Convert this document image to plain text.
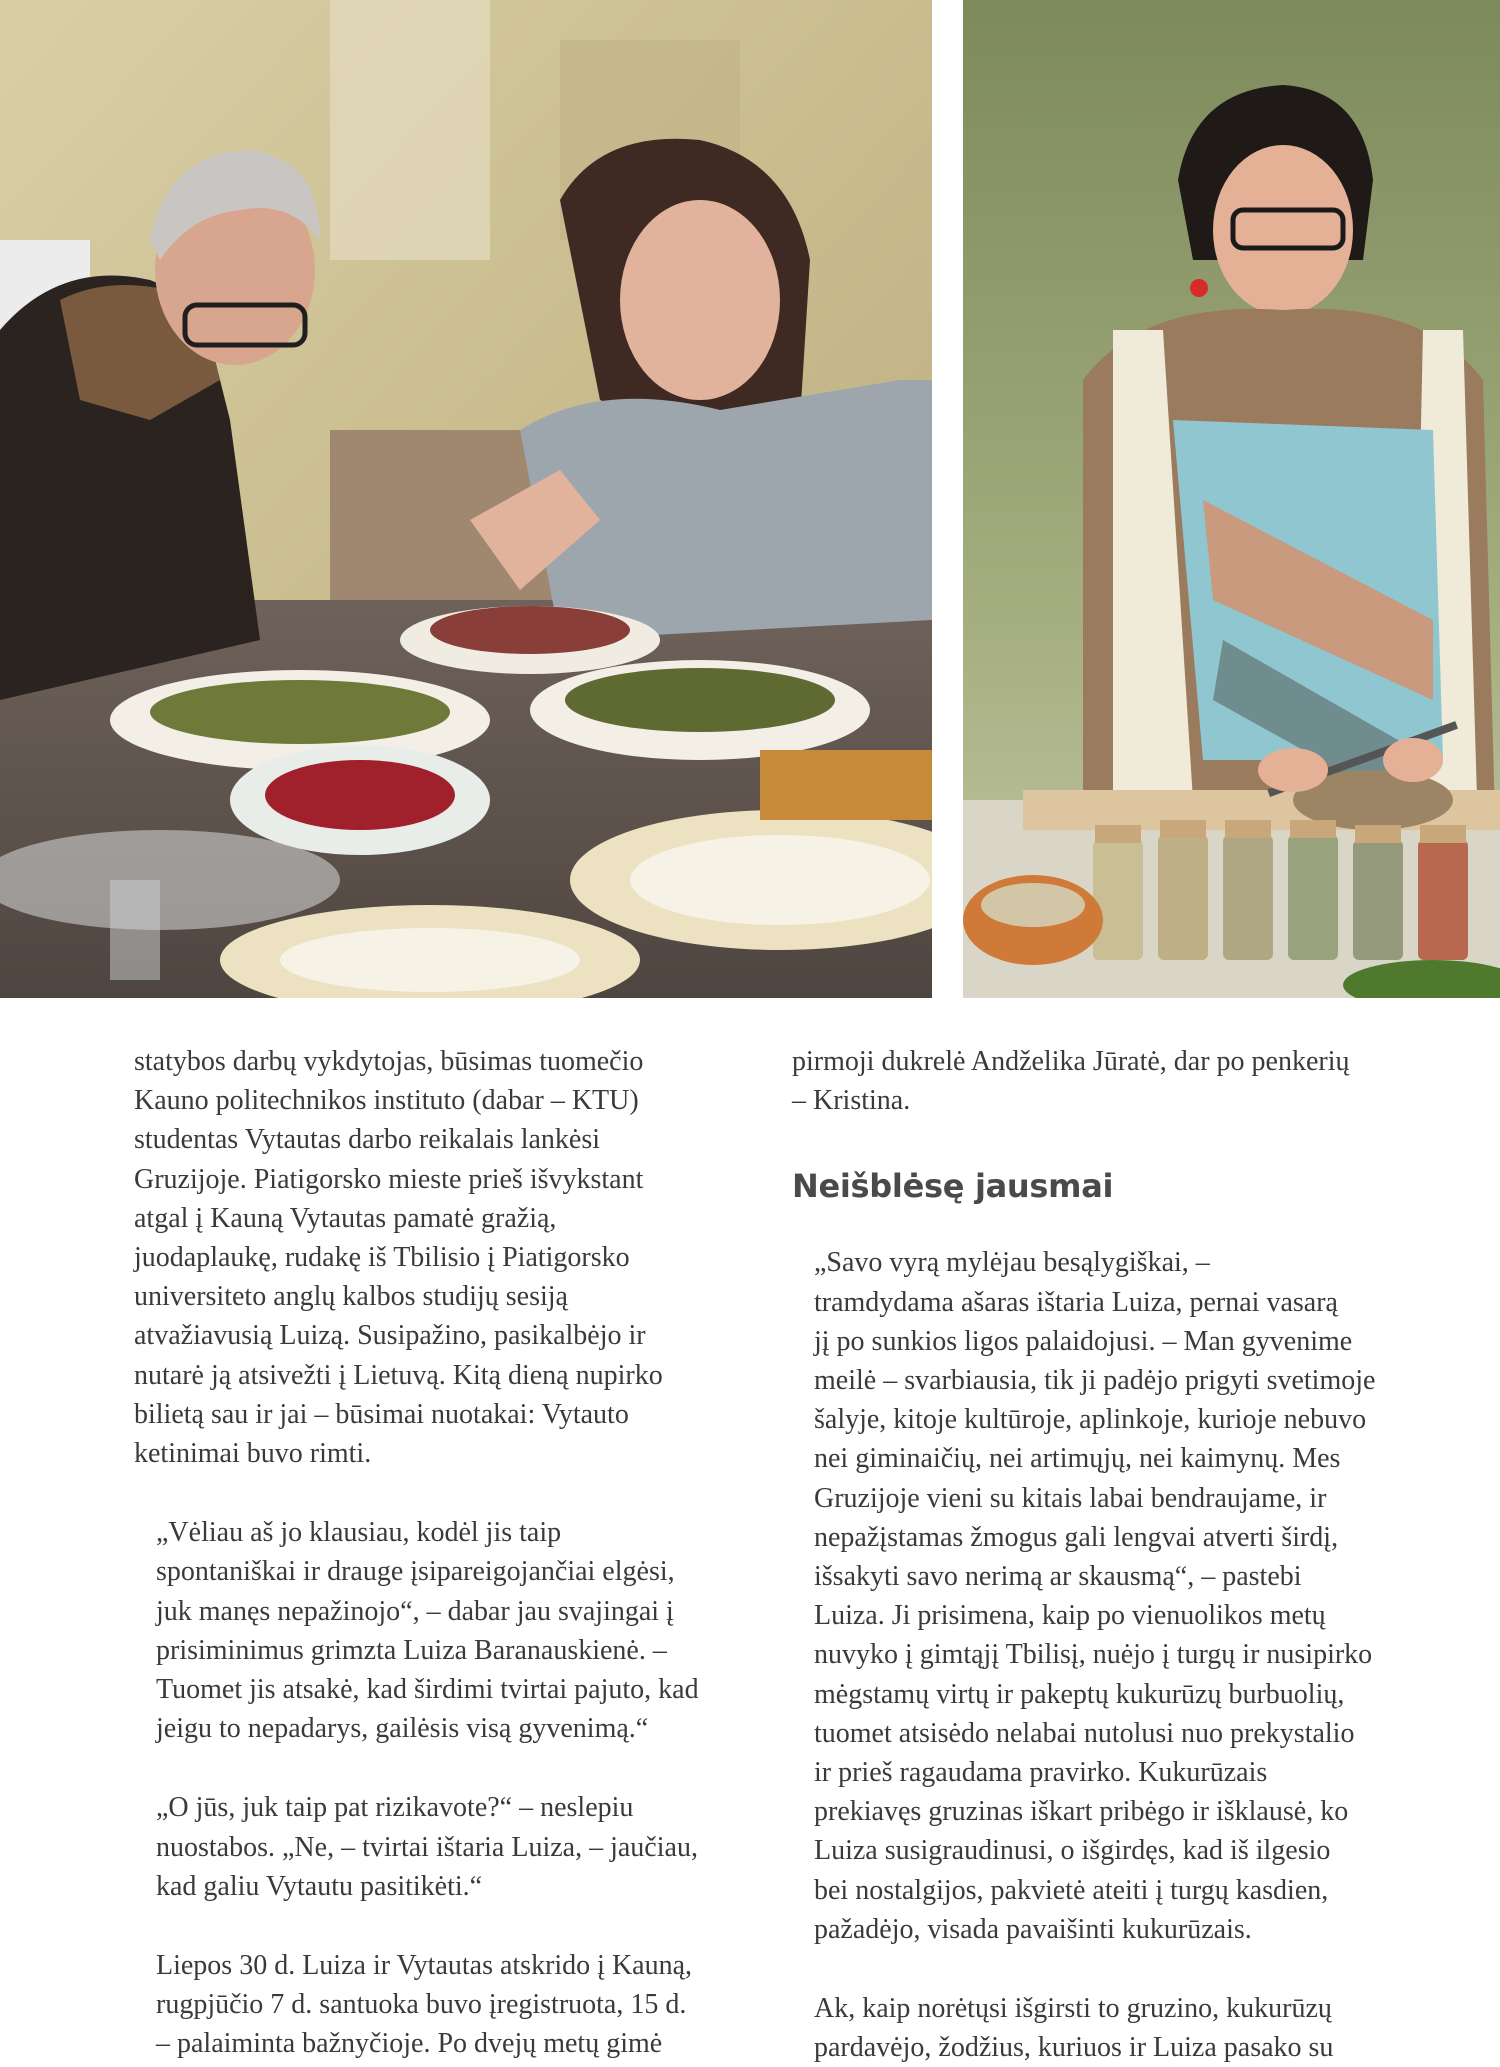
statybos darbų vykdytojas, būsimas tuomečio
Kauno politechnikos instituto (dabar – KTU)
studentas Vytautas darbo reikalais lankėsi
Gruzijoje. Piatigorsko mieste prieš išvykstant
atgal į Kauną Vytautas pamatė gražią,
juodaplaukę, rudakę iš Tbilisio į Piatigorsko
universiteto anglų kalbos studijų sesiją
atvažiavusią Luizą. Susipažino, pasikalbėjo ir
nutarė ją atsivežti į Lietuvą. Kitą dieną nupirko
bilietą sau ir jai – būsimai nuotakai: Vytauto
ketinimai buvo rimti.

„Vėliau aš jo klausiau, kodėl jis taip
spontaniškai ir drauge įsipareigojančiai elgėsi,
juk manęs nepažinojo“, – dabar jau svajingai į
prisiminimus grimzta Luiza Baranauskienė. –
Tuomet jis atsakė, kad širdimi tvirtai pajuto, kad
jeigu to nepadarys, gailėsis visą gyvenimą.“

„O jūs, juk taip pat rizikavote?“ – neslepiu
nuostabos. „Ne, – tvirtai ištaria Luiza, – jaučiau,
kad galiu Vytautu pasitikėti.“

Liepos 30 d. Luiza ir Vytautas atskrido į Kauną,
rugpjūčio 7 d. santuoka buvo įregistruota, 15 d.
– palaiminta bažnyčioje. Po dvejų metų gimė

pirmoji dukrelė Andželika Jūratė, dar po penkerių
– Kristina.

Neišblėsę jausmai

„Savo vyrą mylėjau besąlygiškai, –
tramdydama ašaras ištaria Luiza, pernai vasarą
jį po sunkios ligos palaidojusi. – Man gyvenime
meilė – svarbiausia, tik ji padėjo prigyti svetimoje
šalyje, kitoje kultūroje, aplinkoje, kurioje nebuvo
nei giminaičių, nei artimųjų, nei kaimynų. Mes
Gruzijoje vieni su kitais labai bendraujame, ir
nepažįstamas žmogus gali lengvai atverti širdį,
išsakyti savo nerimą ar skausmą“, – pastebi
Luiza. Ji prisimena, kaip po vienuolikos metų
nuvyko į gimtąjį Tbilisį, nuėjo į turgų ir nusipirko
mėgstamų virtų ir pakeptų kukurūzų burbuolių,
tuomet atsisėdo nelabai nutolusi nuo prekystalio
ir prieš ragaudama pravirko. Kukurūzais
prekiavęs gruzinas iškart pribėgo ir išklausė, ko
Luiza susigraudinusi, o išgirdęs, kad iš ilgesio
bei nostalgijos, pakvietė ateiti į turgų kasdien,
pažadėjo, visada pavaišinti kukurūzais.

Ak, kaip norėtųsi išgirsti to gruzino, kukurūzų
pardavėjo, žodžius, kuriuos ir Luiza pasako su
